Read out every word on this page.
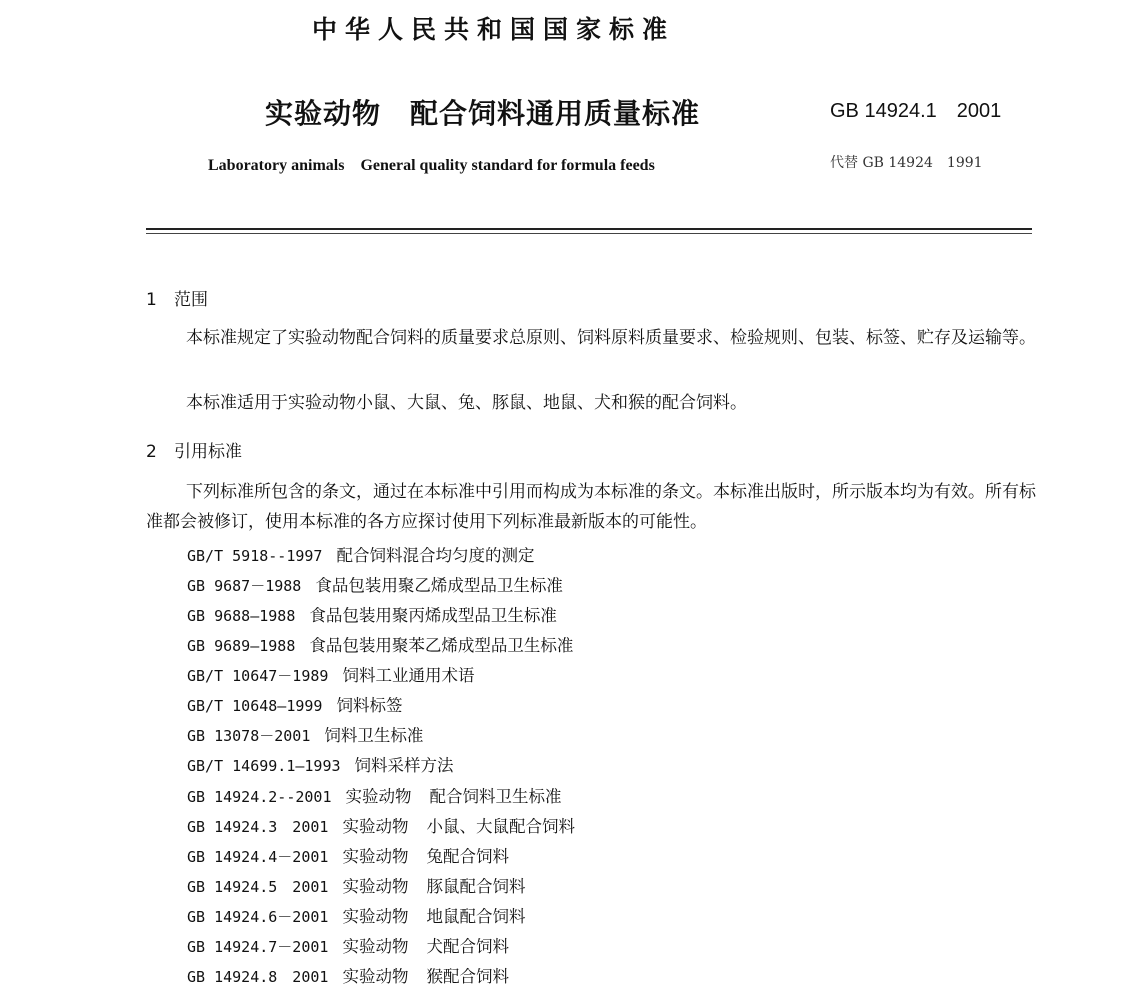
中华人民共和国国家标准
实验动物　配合饲料通用质量标准	GB 14924.1　2001
Laboratory animals　General quality standard for formula feeds	代替 GB 14924　1991
1 范围
本标准规定了实验动物配合饲料的质量要求总原则、饲料原料质量要求、检验规则、包装、标签、贮存及运输等。
本标准适用于实验动物小鼠、大鼠、兔、豚鼠、地鼠、犬和猴的配合饲料。
2 引用标准
下列标准所包含的条文，通过在本标准中引用而构成为本标准的条文。本标准出版时，所示版本均为有效。所有标准都会被修订，使用本标准的各方应探讨使用下列标准最新版本的可能性。
GB/T 5918--1997 配合饲料混合均匀度的测定
GB 9687－1988 食品包装用聚乙烯成型品卫生标准
GB 9688—1988 食品包装用聚丙烯成型品卫生标准
GB 9689—1988 食品包装用聚苯乙烯成型品卫生标准
GB/T 10647－1989 饲料工业通用术语
GB/T 10648—1999 饲料标签
GB 13078－2001 饲料卫生标准
GB/T 14699.1—1993 饲料采样方法
GB 14924.2--2001 实验动物 配合饲料卫生标准
GB 14924.3　2001 实验动物 小鼠、大鼠配合饲料
GB 14924.4－2001 实验动物 兔配合饲料
GB 14924.5　2001 实验动物 豚鼠配合饲料
GB 14924.6－2001 实验动物 地鼠配合饲料
GB 14924.7－2001 实验动物 犬配合饲料
GB 14924.8　2001 实验动物 猴配合饲料
